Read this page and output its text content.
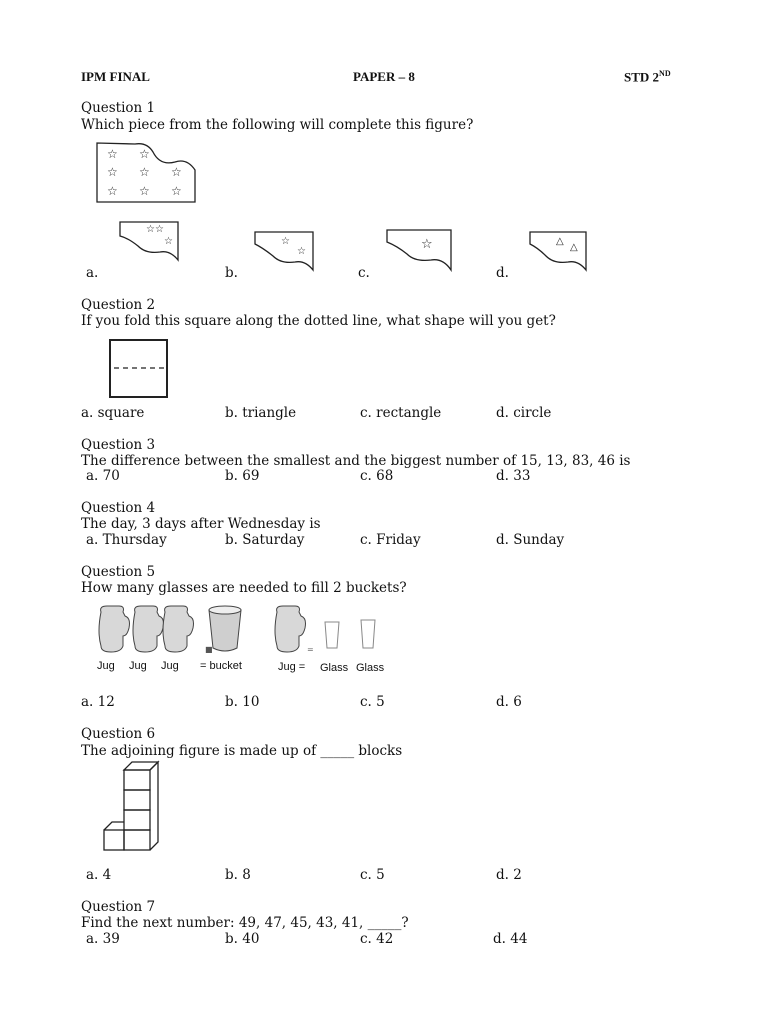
IPM FINAL	PAPER – 8	STD 2ND
Question 1
Which piece from the following will complete this figure?
☆ ☆
☆ ☆ ☆
☆ ☆ ☆
☆☆
☆	☆
☆	☆	△
△
a.	b.	c.	d.
Question 2
If you fold this square along the dotted line, what shape will you get?
a. square	b. triangle	c. rectangle	d. circle
Question 3
The difference between the smallest and the biggest number of 15, 13, 83, 46 is
a. 70	b. 69	c. 68	d. 33
Question 4
The day, 3 days after Wednesday is
a. Thursday	b. Saturday	c. Friday	d. Sunday
Question 5
How many glasses are needed to fill 2 buckets?
■	=
Jug Jug Jug = bucket	Jug = Glass Glass
a. 12	b. 10	c. 5	d. 6
Question 6
The adjoining figure is made up of _____ blocks
a. 4	b. 8	c. 5	d. 2
Question 7
Find the next number: 49, 47, 45, 43, 41, _____?
a. 39	b. 40	c. 42	d. 44
